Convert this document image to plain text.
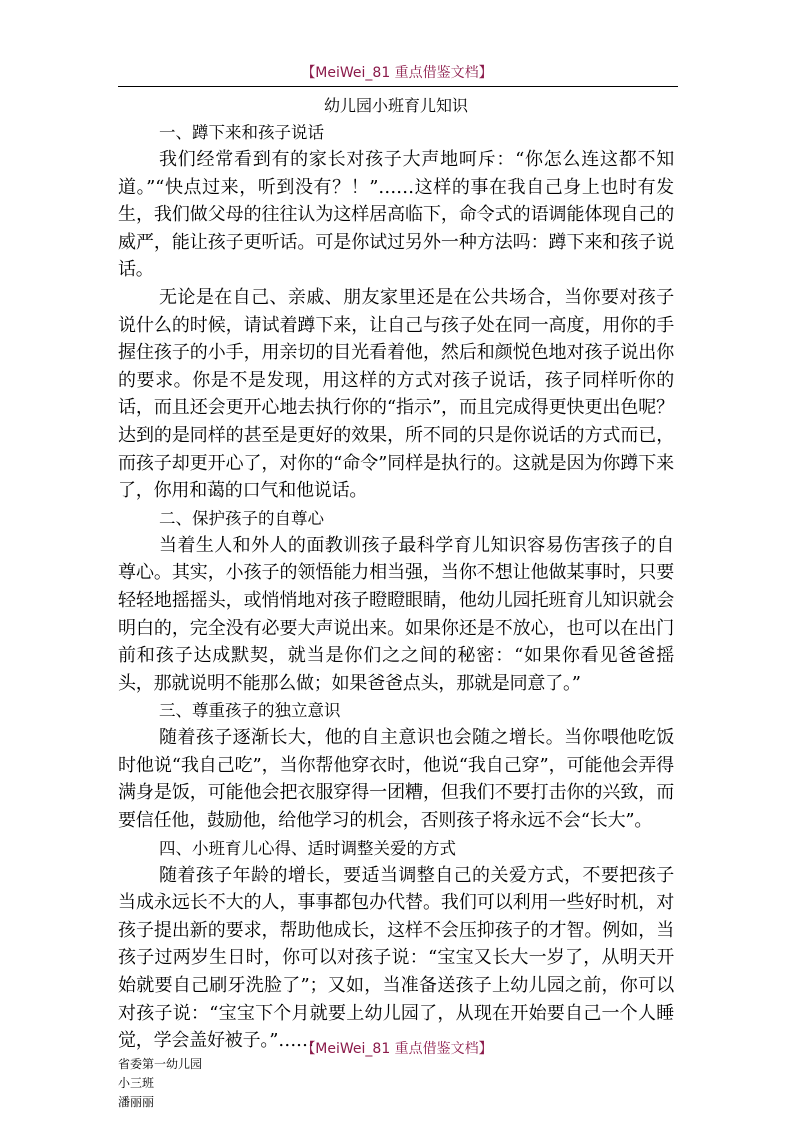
【MeiWei_81 重点借鉴文档】
幼儿园小班育儿知识
一、蹲下来和孩子说话

我们经常看到有的家长对孩子大声地呵斥：“你怎么连这都不知道。”“快点过来，听到没有？！”……这样的事在我自己身上也时有发生，我们做父母的往往认为这样居高临下，命令式的语调能体现自己的威严，能让孩子更听话。可是你试过另外一种方法吗：蹲下来和孩子说话。

无论是在自己、亲戚、朋友家里还是在公共场合，当你要对孩子说什么的时候，请试着蹲下来，让自己与孩子处在同一高度，用你的手握住孩子的小手，用亲切的目光看着他，然后和颜悦色地对孩子说出你的要求。你是不是发现，用这样的方式对孩子说话，孩子同样听你的话，而且还会更开心地去执行你的“指示”，而且完成得更快更出色呢？达到的是同样的甚至是更好的效果，所不同的只是你说话的方式而已，而孩子却更开心了，对你的“命令”同样是执行的。这就是因为你蹲下来了，你用和蔼的口气和他说话。

二、保护孩子的自尊心

当着生人和外人的面教训孩子最科学育儿知识容易伤害孩子的自尊心。其实，小孩子的领悟能力相当强，当你不想让他做某事时，只要轻轻地摇摇头，或悄悄地对孩子瞪瞪眼睛，他幼儿园托班育儿知识就会明白的，完全没有必要大声说出来。如果你还是不放心，也可以在出门前和孩子达成默契，就当是你们之之间的秘密：“如果你看见爸爸摇头，那就说明不能那么做；如果爸爸点头，那就是同意了。”

三、尊重孩子的独立意识

随着孩子逐渐长大，他的自主意识也会随之增长。当你喂他吃饭时他说“我自己吃”，当你帮他穿衣时，他说“我自己穿”，可能他会弄得满身是饭，可能他会把衣服穿得一团糟，但我们不要打击你的兴致，而要信任他，鼓励他，给他学习的机会，否则孩子将永远不会“长大”。

四、小班育儿心得、适时调整关爱的方式

随着孩子年龄的增长，要适当调整自己的关爱方式，不要把孩子当成永远长不大的人，事事都包办代替。我们可以利用一些好时机，对孩子提出新的要求，帮助他成长，这样不会压抑孩子的才智。例如，当孩子过两岁生日时，你可以对孩子说：“宝宝又长大一岁了，从明天开始就要自己刷牙洗脸了”；又如，当准备送孩子上幼儿园之前，你可以对孩子说：“宝宝下个月就要上幼儿园了，从现在开始要自己一个人睡觉，学会盖好被子。”……

省委第一幼儿园

小三班

潘丽丽

【MeiWei_81 重点借鉴文档】
